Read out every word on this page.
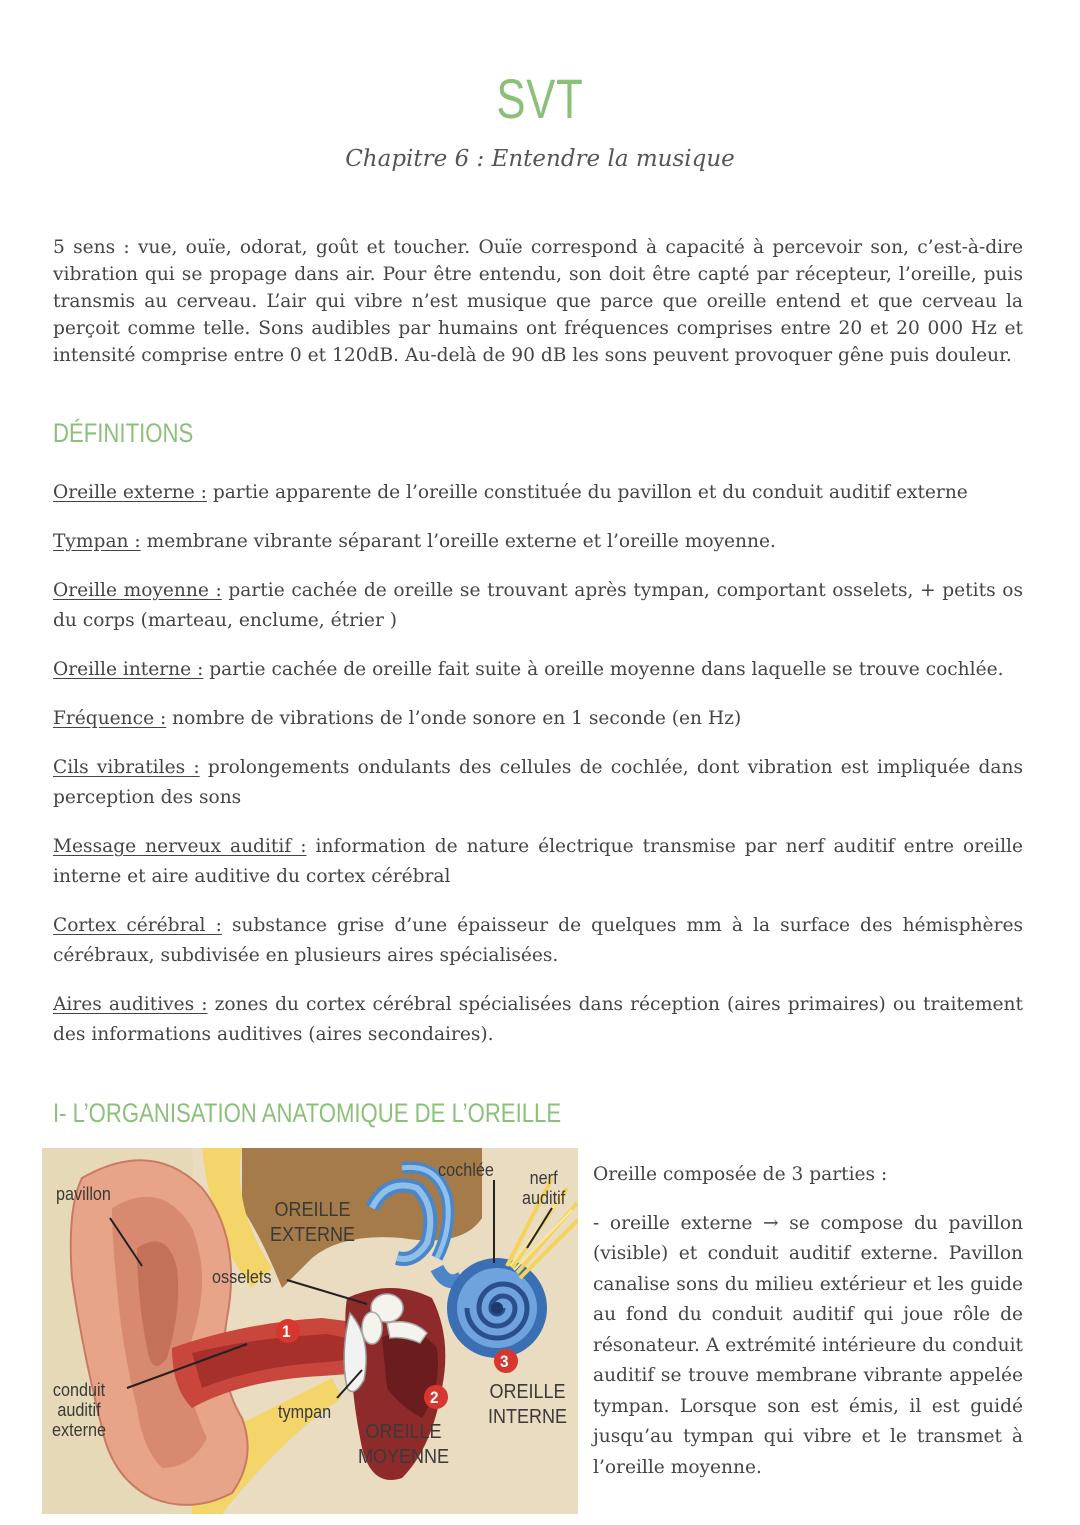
SVT
Chapitre 6 : Entendre la musique

5 sens : vue, ouïe, odorat, goût et toucher. Ouïe correspond à capacité à percevoir son, c’est-à-dire vibration qui se propage dans air. Pour être entendu, son doit être capté par récepteur, l’oreille, puis transmis au cerveau. L’air qui vibre n’est musique que parce que oreille entend et que cerveau la perçoit comme telle. Sons audibles par humains ont fréquences comprises entre 20 et 20 000 Hz et intensité comprise entre 0 et 120dB. Au-delà de 90 dB les sons peuvent provoquer gêne puis douleur.

DÉFINITIONS

Oreille externe : partie apparente de l’oreille constituée du pavillon et du conduit auditif externe

Tympan : membrane vibrante séparant l’oreille externe et l’oreille moyenne.

Oreille moyenne : partie cachée de oreille se trouvant après tympan, comportant osselets, + petits os du corps (marteau, enclume, étrier )

Oreille interne : partie cachée de oreille fait suite à oreille moyenne dans laquelle se trouve cochlée.

Fréquence : nombre de vibrations de l’onde sonore en 1 seconde (en Hz)

Cils vibratiles : prolongements ondulants des cellules de cochlée, dont vibration est impliquée dans perception des sons

Message nerveux auditif : information de nature électrique transmise par nerf auditif entre oreille interne et aire auditive du cortex cérébral

Cortex cérébral : substance grise d’une épaisseur de quelques mm à la surface des hémisphères cérébraux, subdivisée en plusieurs aires spécialisées.

Aires auditives : zones du cortex cérébral spécialisées dans réception (aires primaires) ou traitement des informations auditives (aires secondaires).

I- L’ORGANISATION ANATOMIQUE DE L’OREILLE
pavillon
OREILLE
EXTERNE
osselets
cochlée	nerf
auditif
conduit
auditif
externe
tympan
OREILLE
MOYENNE
OREILLE
INTERNE
1
2
3

Oreille composée de 3 parties :

- oreille externe → se compose du pavillon (visible) et conduit auditif externe. Pavillon canalise sons du milieu extérieur et les guide au fond du conduit auditif qui joue rôle de résonateur. A extrémité intérieure du conduit auditif se trouve membrane vibrante appelée tympan. Lorsque son est émis, il est guidé jusqu’au tympan qui vibre et le transmet à l’oreille moyenne.
